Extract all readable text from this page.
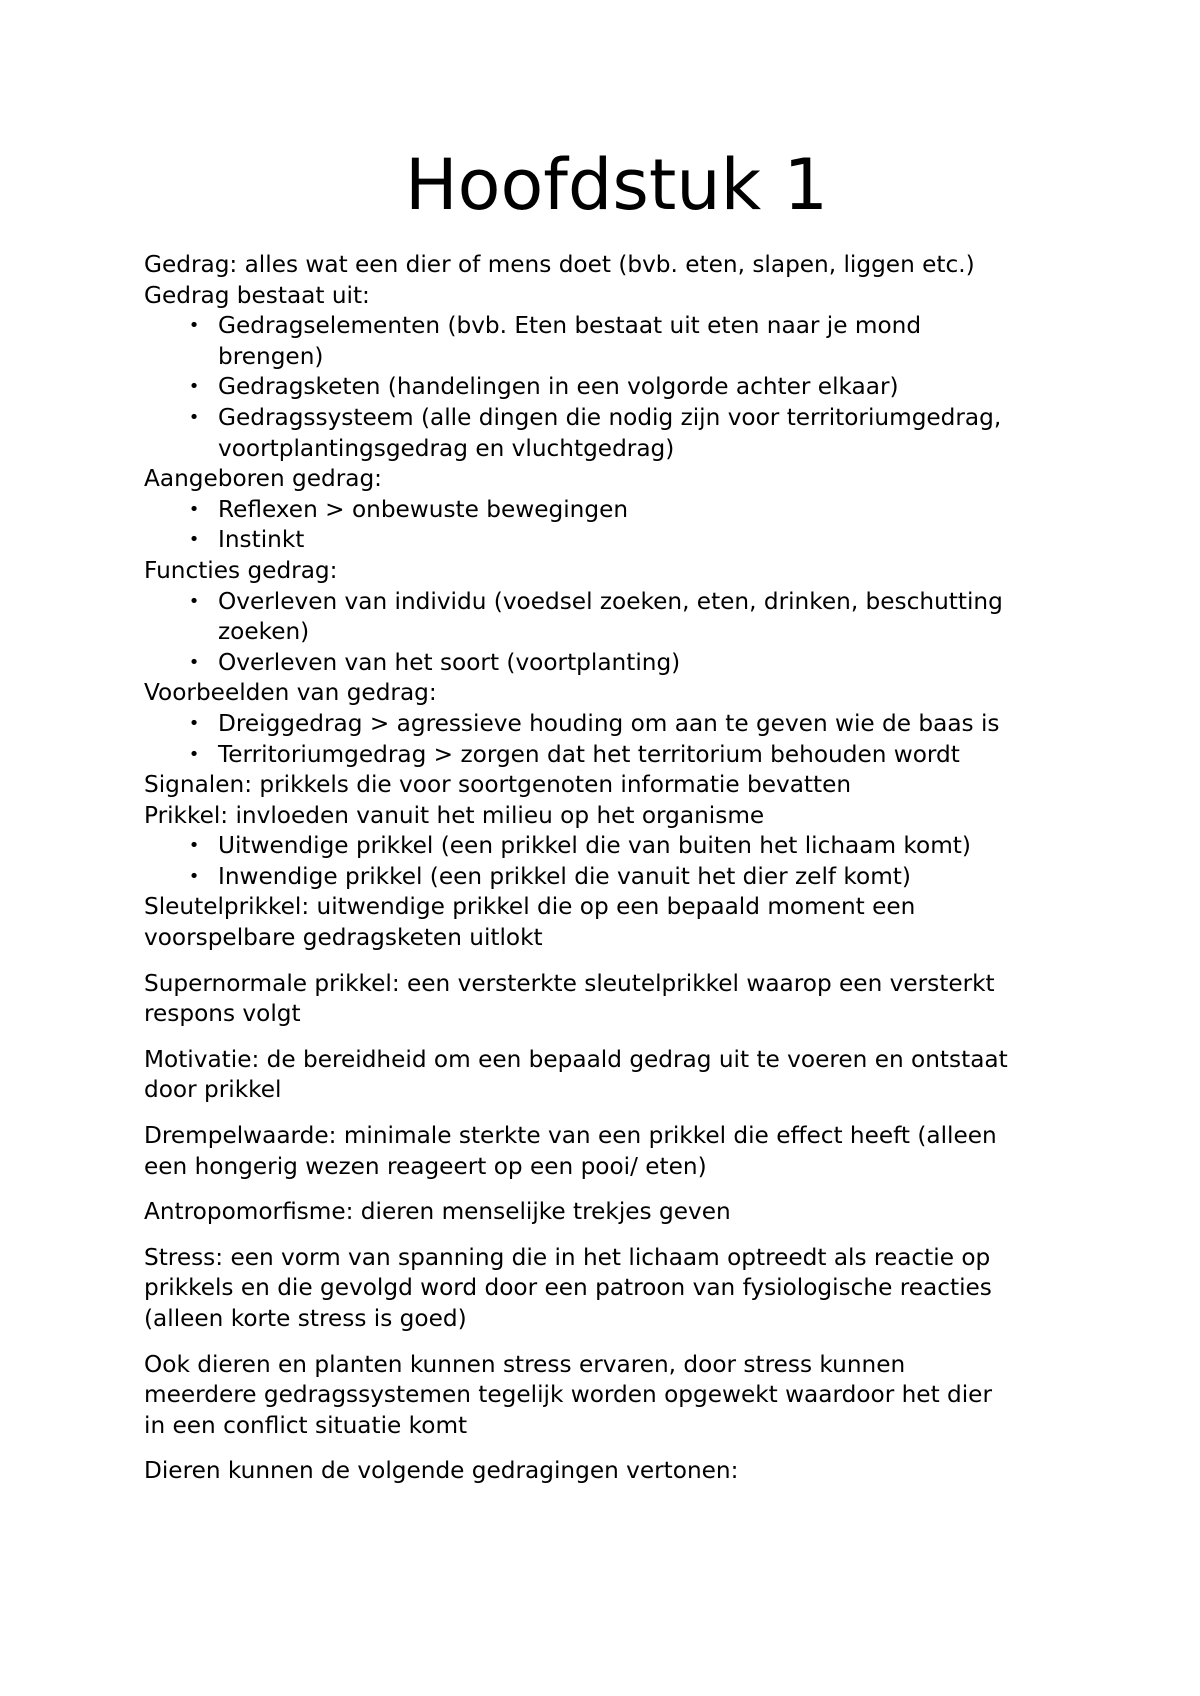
Hoofdstuk 1

Gedrag: alles wat een dier of mens doet (bvb. eten, slapen, liggen etc.)

Gedrag bestaat uit:

• Gedragselementen (bvb. Eten bestaat uit eten naar je mond
brengen)
• Gedragsketen (handelingen in een volgorde achter elkaar)
• Gedragssysteem (alle dingen die nodig zijn voor territoriumgedrag,
voortplantingsgedrag en vluchtgedrag)

Aangeboren gedrag:

• Reflexen > onbewuste bewegingen
• Instinkt

Functies gedrag:

• Overleven van individu (voedsel zoeken, eten, drinken, beschutting
zoeken)
• Overleven van het soort (voortplanting)

Voorbeelden van gedrag:

• Dreiggedrag > agressieve houding om aan te geven wie de baas is
• Territoriumgedrag > zorgen dat het territorium behouden wordt

Signalen: prikkels die voor soortgenoten informatie bevatten

Prikkel: invloeden vanuit het milieu op het organisme

• Uitwendige prikkel (een prikkel die van buiten het lichaam komt)
• Inwendige prikkel (een prikkel die vanuit het dier zelf komt)

Sleutelprikkel: uitwendige prikkel die op een bepaald moment een

voorspelbare gedragsketen uitlokt

Supernormale prikkel: een versterkte sleutelprikkel waarop een versterkt

respons volgt

Motivatie: de bereidheid om een bepaald gedrag uit te voeren en ontstaat

door prikkel

Drempelwaarde: minimale sterkte van een prikkel die effect heeft (alleen

een hongerig wezen reageert op een pooi/ eten)

Antropomorfisme: dieren menselijke trekjes geven

Stress: een vorm van spanning die in het lichaam optreedt als reactie op

prikkels en die gevolgd word door een patroon van fysiologische reacties

(alleen korte stress is goed)

Ook dieren en planten kunnen stress ervaren, door stress kunnen

meerdere gedragssystemen tegelijk worden opgewekt waardoor het dier

in een conflict situatie komt

Dieren kunnen de volgende gedragingen vertonen:
